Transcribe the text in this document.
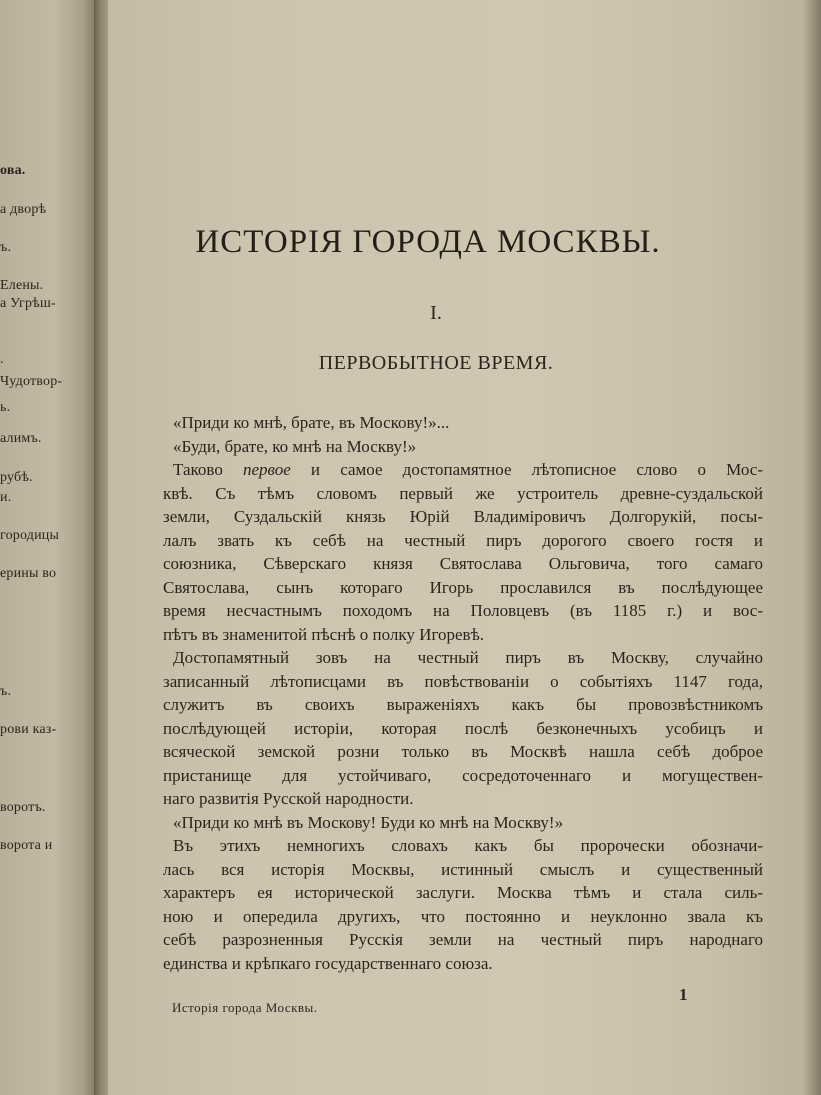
ова.
а дворѣ
ъ.
Елены.
а Угрѣш-
.
Чудотвор-
ь.
алимъ.
рубѣ.
и.
городицы
ерины во
ъ.
рови каз-
воротъ.
ворота и
ИСТОРІЯ ГОРОДА МОСКВЫ.
I.
ПЕРВОБЫТНОЕ ВРЕМЯ.
«Приди ко мнѣ, брате, въ Москову!»...
«Буди, брате, ко мнѣ на Москву!»
Таково первое и самое достопамятное лѣтописное слово о Мос-
квѣ. Съ тѣмъ словомъ первый же устроитель древне-суздальской
земли, Суздальскій князь Юрій Владиміровичъ Долгорукій, посы-
лалъ звать къ себѣ на честный пиръ дорогого своего гостя и
союзника, Сѣверскаго князя Святослава Ольговича, того самаго
Святослава, сынъ котораго Игорь прославился въ послѣдующее
время несчастнымъ походомъ на Половцевъ (въ 1185 г.) и вос-
пѣтъ въ знаменитой пѣснѣ о полку Игоревѣ.
Достопамятный зовъ на честный пиръ въ Москву, случайно
записанный лѣтописцами въ повѣствованіи о событіяхъ 1147 года,
служитъ въ своихъ выраженіяхъ какъ бы провозвѣстникомъ
послѣдующей исторіи, которая послѣ безконечныхъ усобицъ и
всяческой земской розни только въ Москвѣ нашла себѣ доброе
пристанище для устойчиваго, сосредоточеннаго и могуществен-
наго развитія Русской народности.
«Приди ко мнѣ въ Москову! Буди ко мнѣ на Москву!»
Въ этихъ немногихъ словахъ какъ бы пророчески обозначи-
лась вся исторія Москвы, истинный смыслъ и существенный
характеръ ея исторической заслуги. Москва тѣмъ и стала силь-
ною и опередила другихъ, что постоянно и неуклонно звала къ
себѣ разрозненныя Русскія земли на честный пиръ народнаго
единства и крѣпкаго государственнаго союза.
Исторія города Москвы.
1
